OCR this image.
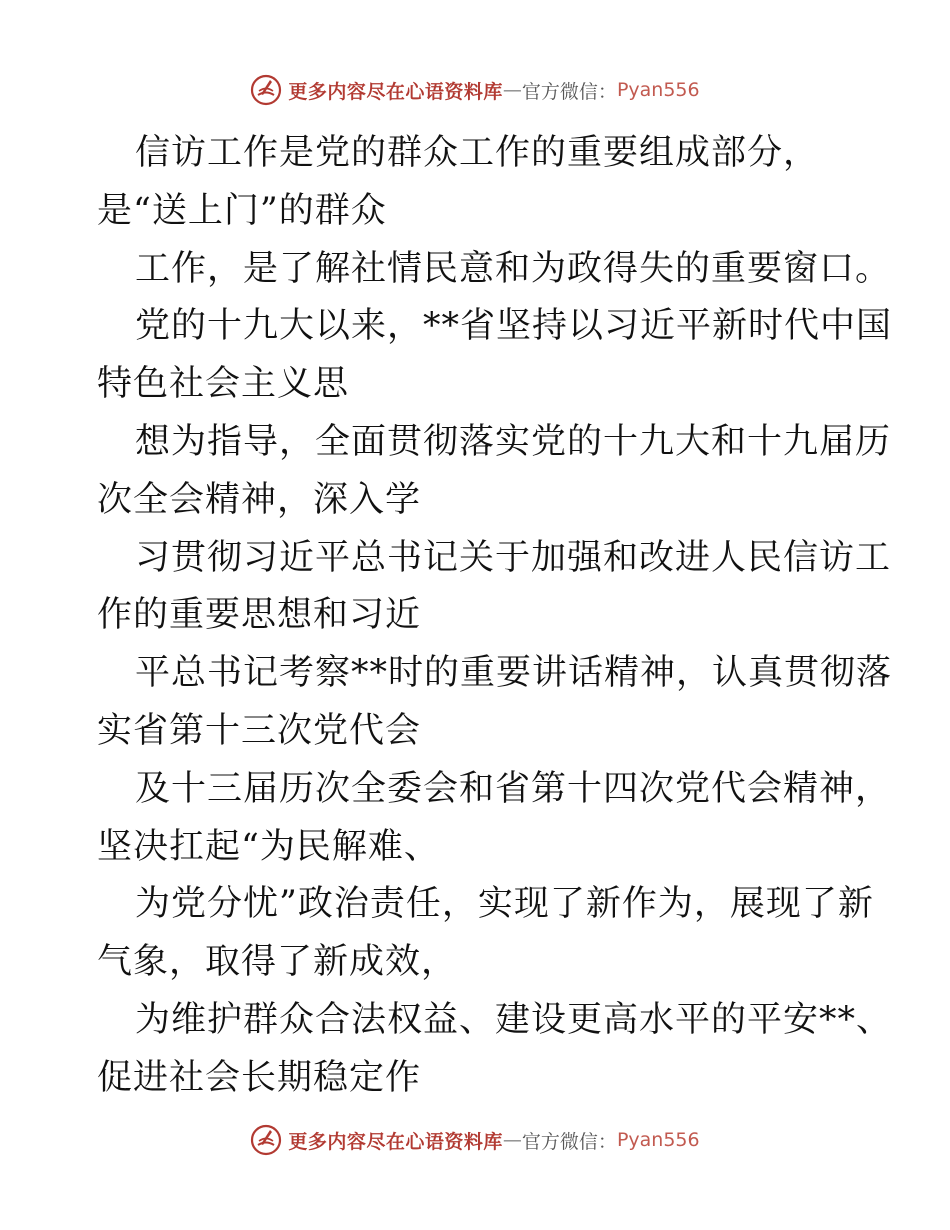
更多内容尽在心语资料库 — 官方微信： Pyan556
信访工作是党的群众工作的重要组成部分，
是“送上门”的群众
工作，是了解社情民意和为政得失的重要窗口。
党的十九大以来，**省坚持以习近平新时代中国
特色社会主义思
想为指导，全面贯彻落实党的十九大和十九届历
次全会精神，深入学
习贯彻习近平总书记关于加强和改进人民信访工
作的重要思想和习近
平总书记考察**时的重要讲话精神，认真贯彻落
实省第十三次党代会
及十三届历次全委会和省第十四次党代会精神，
坚决扛起“为民解难、
为党分忧”政治责任，实现了新作为，展现了新
气象，取得了新成效，
为维护群众合法权益、建设更高水平的平安**、
促进社会长期稳定作
更多内容尽在心语资料库 — 官方微信： Pyan556
